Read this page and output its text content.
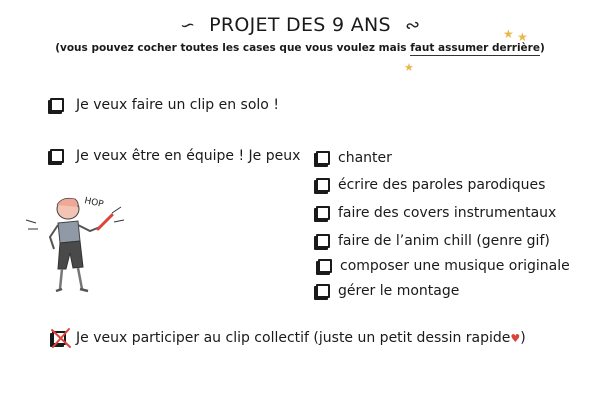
∽ PROJET DES 9 ANS ∾
(vous pouvez cocher toutes les cases que vous voulez mais faut assumer derrière)
★ ★
★
Je veux faire un clip en solo !
Je veux être en équipe ! Je peux	chanter
écrire des paroles parodiques
faire des covers instrumentaux
faire de l’anim chill (genre gif)
composer une musique originale
gérer le montage
Je veux participer au clip collectif (juste un petit dessin rapide♥)
HOP
